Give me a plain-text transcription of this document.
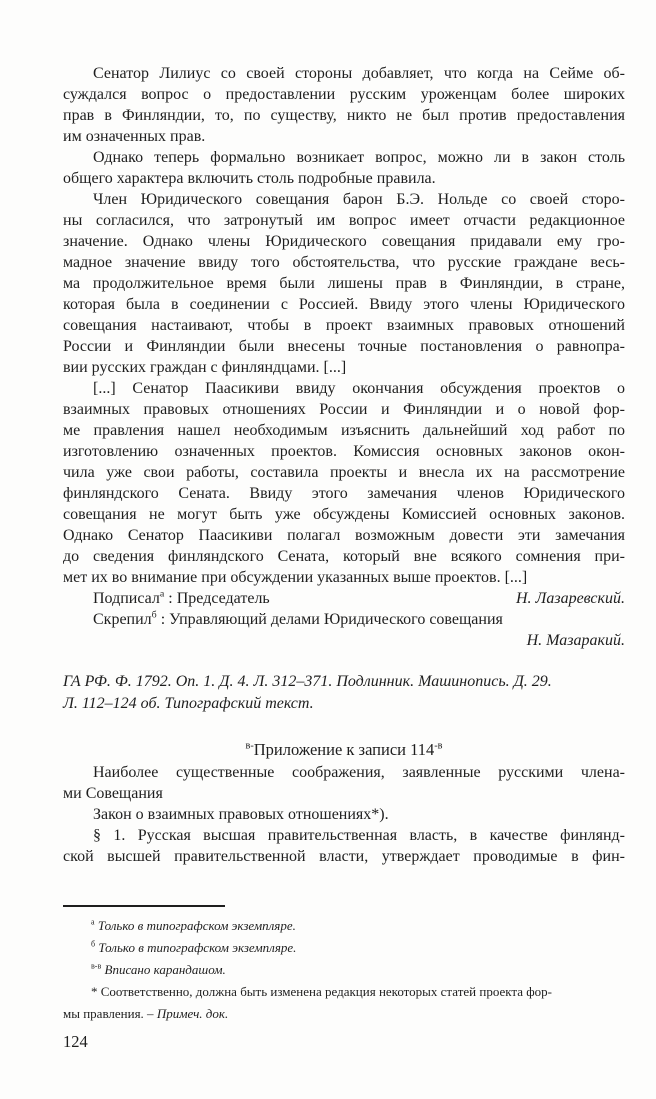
Сенатор Лилиус со своей стороны добавляет, что когда на Сейме об-
суждался вопрос о предоставлении русским уроженцам более широких
прав в Финляндии, то, по существу, никто не был против предоставления
им означенных прав.
Однако теперь формально возникает вопрос, можно ли в закон столь
общего характера включить столь подробные правила.
Член Юридического совещания барон Б.Э. Нольде со своей сторо-
ны согласился, что затронутый им вопрос имеет отчасти редакционное
значение. Однако члены Юридического совещания придавали ему гро-
мадное значение ввиду того обстоятельства, что русские граждане весь-
ма продолжительное время были лишены прав в Финляндии, в стране,
которая была в соединении с Россией. Ввиду этого члены Юридического
совещания настаивают, чтобы в проект взаимных правовых отношений
России и Финляндии были внесены точные постановления о равнопра-
вии русских граждан с финляндцами. [...]
[...] Сенатор Паасикиви ввиду окончания обсуждения проектов о
взаимных правовых отношениях России и Финляндии и о новой фор-
ме правления нашел необходимым изъяснить дальнейший ход работ по
изготовлению означенных проектов. Комиссия основных законов окон-
чила уже свои работы, составила проекты и внесла их на рассмотрение
финляндского Сената. Ввиду этого замечания членов Юридического
совещания не могут быть уже обсуждены Комиссией основных законов.
Однако Сенатор Паасикиви полагал возможным довести эти замечания
до сведения финляндского Сената, который вне всякого сомнения при-
мет их во внимание при обсуждении указанных выше проектов. [...]
Подписал$^а$ : Председатель	Н. Лазаревский.
Скрепил$^б$ : Управляющий делами Юридического совещания
Н. Мазаракий.
ГА РФ. Ф. 1792. Оп. 1. Д. 4. Л. 312–371. Подлинник. Машинопись. Д. 29.
Л. 112–124 об. Типографский текст.
$^{в-}$Приложение к записи $114^{-в}$
Наиболее существенные соображения, заявленные русскими члена-
ми Совещания
Закон о взаимных правовых отношениях*).
§ 1. Русская высшая правительственная власть, в качестве финлянд-
ской высшей правительственной власти, утверждает проводимые в фин-
$^а$ Только в типографском экземпляре.
$^б$ Только в типографском экземпляре.
$^{в-в}$ Вписано карандашом.
* Соответственно, должна быть изменена редакция некоторых статей проекта фор-
мы правления. – Примеч. док.
124
